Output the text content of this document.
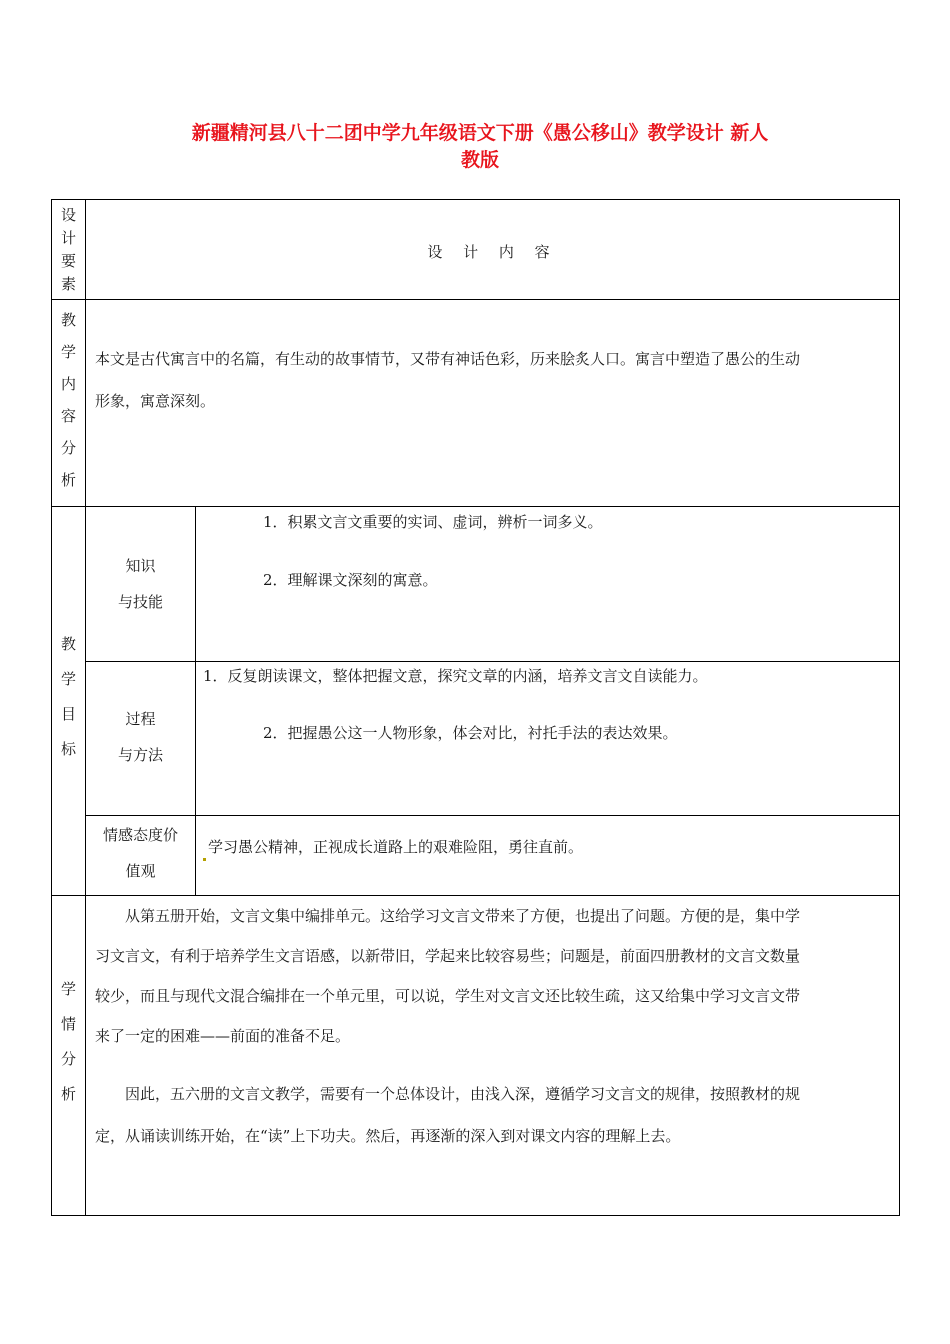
新疆精河县八十二团中学九年级语文下册《愚公移山》教学设计 新人
教版
设
计
要
素
设 计 内 容
教
学
内
容
分
析
本文是古代寓言中的名篇，有生动的故事情节，又带有神话色彩，历来脍炙人口。寓言中塑造了愚公的生动
形象，寓意深刻。
教
学
目
标
知识
与技能
1．积累文言文重要的实词、虚词，辨析一词多义。
2．理解课文深刻的寓意。
过程
与方法
1．反复朗读课文，整体把握文意，探究文章的内涵，培养文言文自读能力。
2．把握愚公这一人物形象，体会对比，衬托手法的表达效果。
情感态度价
值观
学习愚公精神，正视成长道路上的艰难险阻，勇往直前。
学
情
分
析
从第五册开始，文言文集中编排单元。这给学习文言文带来了方便，也提出了问题。方便的是，集中学
习文言文，有利于培养学生文言语感，以新带旧，学起来比较容易些；问题是，前面四册教材的文言文数量
较少，而且与现代文混合编排在一个单元里，可以说，学生对文言文还比较生疏，这又给集中学习文言文带
来了一定的困难——前面的准备不足。
因此，五六册的文言文教学，需要有一个总体设计，由浅入深，遵循学习文言文的规律，按照教材的规
定，从诵读训练开始，在“读”上下功夫。然后，再逐渐的深入到对课文内容的理解上去。
